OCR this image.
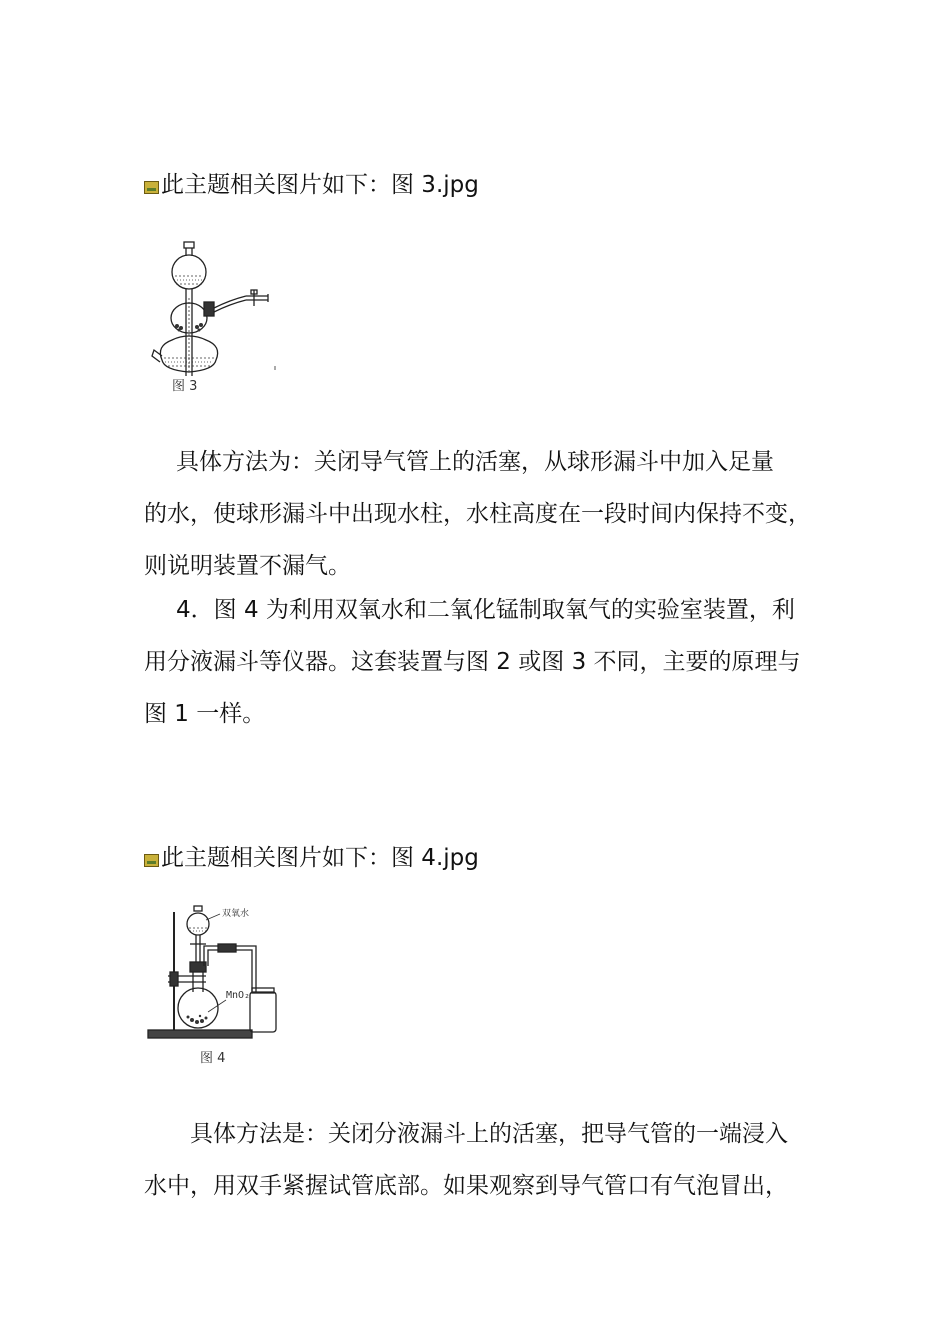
此主题相关图片如下：图 3.jpg
图 3

具体方法为：关闭导气管上的活塞，从球形漏斗中加入足量

的水，使球形漏斗中出现水柱，水柱高度在一段时间内保持不变，

则说明装置不漏气。

4．图 4 为利用双氧水和二氧化锰制取氧气的实验室装置，利

用分液漏斗等仪器。这套装置与图 2 或图 3 不同，主要的原理与

图 1 一样。

此主题相关图片如下：图 4.jpg
双氧水
MnO₂
图 4

具体方法是：关闭分液漏斗上的活塞，把导气管的一端浸入

水中，用双手紧握试管底部。如果观察到导气管口有气泡冒出，
